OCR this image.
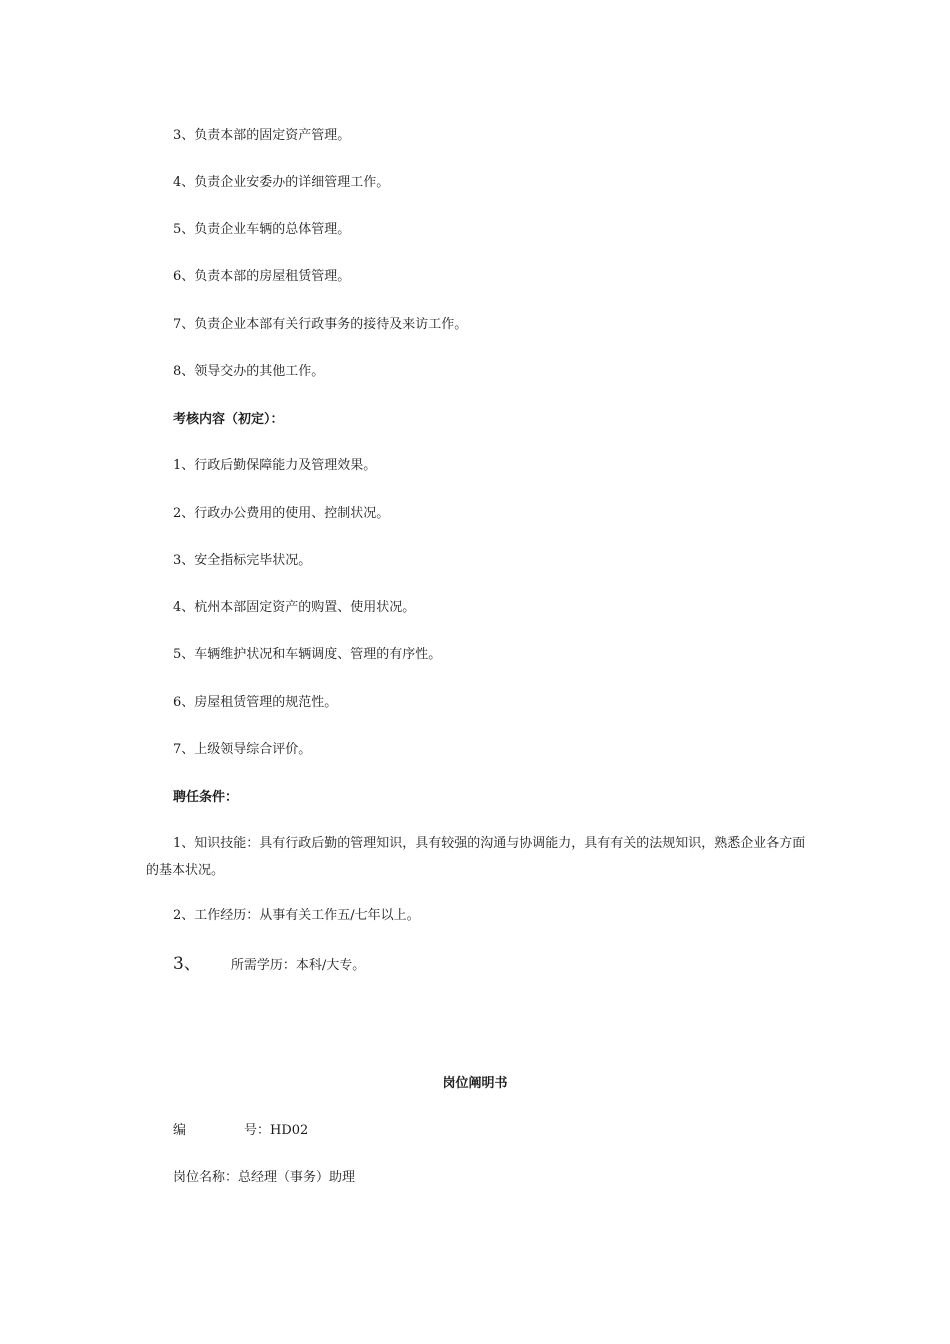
3、负责本部的固定资产管理。
4、负责企业安委办的详细管理工作。
5、负责企业车辆的总体管理。
6、负责本部的房屋租赁管理。
7、负责企业本部有关行政事务的接待及来访工作。
8、领导交办的其他工作。
考核内容（初定）：
1、行政后勤保障能力及管理效果。
2、行政办公费用的使用、控制状况。
3、安全指标完毕状况。
4、杭州本部固定资产的购置、使用状况。
5、车辆维护状况和车辆调度、管理的有序性。
6、房屋租赁管理的规范性。
7、上级领导综合评价。
聘任条件：
1、知识技能：具有行政后勤的管理知识，具有较强的沟通与协调能力，具有有关的法规知识，熟悉企业各方面的基本状况。
2、工作经历：从事有关工作五/七年以上。
3、 所需学历：本科/大专。
岗位阐明书
编	号：HD02
岗位名称：总经理（事务）助理
